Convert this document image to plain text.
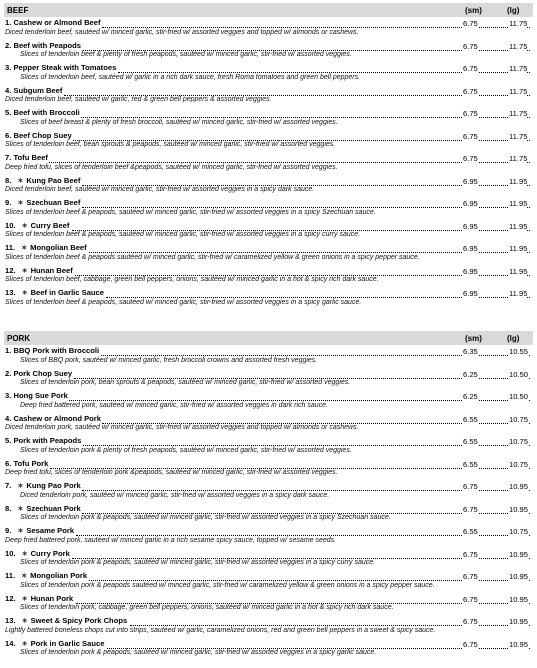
BEEF	(sm)	(lg)
1. Cashew or Almond Beef	6.75	11.75
Diced tenderloin beef, sautéed w/ minced garlic, stir-fried w/ assorted veggies and topped w/ almonds or cashews.
2. Beef with Peapods	6.75	11.75
Slices of tenderloin beef & plenty of fresh peapods, sautéed w/ minced garlic, stir-fried w/ assorted veggies.
3. Pepper Steak with Tomatoes	6.75	11.75
Slices of tenderloin beef, sautéed w/ garlic in a rich dark sauce, fresh Roma tomatoes and green bell peppers.
4. Subgum Beef	6.75	11.75
Diced tenderloin beef, sautéed w/ garlic, red & green bell peppers & assorted veggies.
5. Beef with Broccoli	6.75	11.75
Slices of beef breast & plenty of fresh broccoli, sautéed w/ minced garlic, stir-fried w/ assorted veggies.
6. Beef Chop Suey	6.75	11.75
Slices of tenderloin beef, bean sprouts & peapods, sautéed w/ minced garlic, stir-fried w/ assorted veggies.
7. Tofu Beef	6.75	11.75
Deep fried tofu, slices of tenderloin beef &peapods, sautéed w/ minced garlic, stir-fried w/ assorted veggies.
8. ✶ Kung Pao Beef	6.95	11.95
Diced tenderloin beef, sautéed w/ minced garlic, stir-fried w/ assorted veggies in a spicy dark sauce.
9. ✶ Szechuan Beef	6.95	11.95
Slices of tenderloin beef & peapods, sautéed w/ minced garlic, stir-fried w/ assorted veggies in a spicy Szechuan sauce.
10. ✶ Curry Beef	6.95	11.95
Slices of tenderloin beef & peapods, sautéed w/ minced garlic, stir-fried w/ assorted veggies in a spicy curry sauce.
11. ✶ Mongolian Beef	6.95	11.95
Slices of tenderloin beef & peapods sautéed w/ minced garlic, stir-fried w/ caramelized yellow & green onions in a spicy pepper sauce.
12. ✶ Hunan Beef	6.95	11.95
Slices of tenderloin beef, cabbage, green bell peppers, onions, sautéed w/ minced garlic in a hot & spicy rich dark sauce.
13. ✶ Beef in Garlic Sauce	6.95	11.95
Slices of tenderloin beef & peapods, sautéed w/ minced garlic, stir-fried w/ assorted veggies in a spicy garlic sauce.
PORK	(sm)	(lg)
1. BBQ Pork with Broccoli	6.35	10.55
Slices of BBQ pork, sautéed w/ minced garlic, fresh broccoli crowns and assorted fresh veggies.
2. Pork Chop Suey	6.25	10.50
Slices of tenderloin pork, bean sprouts & peapods, sautéed w/ minced garlic, stir-fried w/ assorted veggies.
3. Hong Sue Pork	6.25	10.50
Deep fried battered pork, sautéed w/ minced garlic, stir-fried w/ assorted veggies in dark rich sauce.
4. Cashew or Almond Pork	6.55	10.75
Diced tenderloin pork, sautéed w/ minced garlic, stir-fried w/ assorted veggies and topped w/ almonds or cashews.
5. Pork with Peapods	6.55	10.75
Slices of tenderloin pork & plenty of fresh peapods, sautéed w/ minced garlic, stir-fried w/ assorted veggies.
6. Tofu Pork	6.55	10.75
Deep fried tofu, slices of tenderloin pork &peapods, sautéed w/ minced garlic, stir-fried w/ assorted veggies.
7. ✶ Kung Pao Pork	6.75	10.95
Diced tenderloin pork, sautéed w/ minced garlic, stir-fried w/ assorted veggies in a spicy dark sauce.
8. ✶ Szechuan Pork	6.75	10.95
Slices of tenderloin pork & peapods, sautéed w/ minced garlic, stir-fried w/ assorted veggies in a spicy Szechuan sauce.
9. ✶ Sesame Pork	6.55	10.75
Deep fried battered pork, sautéed w/ minced garlic in a rich sesame spicy sauce, topped w/ sesame seeds.
10. ✶ Curry Pork	6.75	10.95
Slices of tenderloin pork & peapods, sautéed w/ minced garlic, stir-fried w/ assorted veggies in a spicy curry sauce.
11. ✶ Mongolian Pork	6.75	10.95
Slices of tenderloin pork & peapods sautéed w/ minced garlic, stir-fried w/ caramelized yellow & green onions in a spicy pepper sauce.
12. ✶ Hunan Pork	6.75	10.95
Slices of tenderloin pork, cabbage, green bell peppers, onions, sautéed w/ minced garlic in a hot & spicy rich dark sauce.
13. ✶ Sweet & Spicy Pork Chops	6.75	10.95
Lightly battered boneless chops cut into strips, sautéed w/ garlic, caramelized onions, red and green bell peppers in a sweet & spicy sauce.
14. ✶ Pork in Garlic Sauce	6.75	10.95
Slices of tenderloin pork & peapods, sautéed w/ minced garlic, stir-fried w/ assorted veggies in a spicy garlic sauce.
